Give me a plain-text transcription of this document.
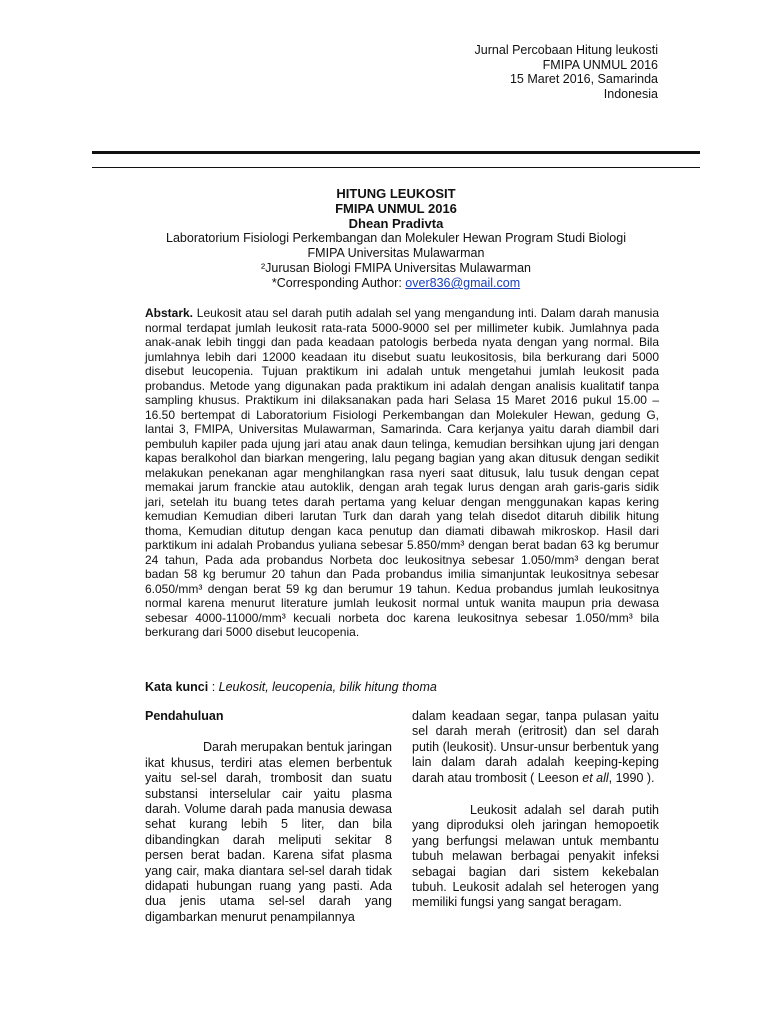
Jurnal Percobaan Hitung leukosti
FMIPA UNMUL 2016
15 Maret 2016, Samarinda
Indonesia
HITUNG LEUKOSIT
FMIPA UNMUL 2016
Dhean Pradivta
Laboratorium Fisiologi Perkembangan dan Molekuler Hewan Program Studi Biologi
FMIPA Universitas Mulawarman
²Jurusan Biologi FMIPA Universitas Mulawarman
*Corresponding Author: over836@gmail.com
Abstark. Leukosit atau sel darah putih adalah sel yang mengandung inti. Dalam darah manusia normal terdapat jumlah leukosit rata-rata 5000-9000 sel per millimeter kubik. Jumlahnya pada anak-anak lebih tinggi dan pada keadaan patologis berbeda nyata dengan yang normal. Bila jumlahnya lebih dari 12000 keadaan itu disebut suatu leukositosis, bila berkurang dari 5000 disebut leucopenia. Tujuan praktikum ini adalah untuk mengetahui jumlah leukosit pada probandus. Metode yang digunakan pada praktikum ini adalah dengan analisis kualitatif tanpa sampling khusus. Praktikum ini dilaksanakan pada hari Selasa 15 Maret 2016 pukul 15.00 – 16.50 bertempat di Laboratorium Fisiologi Perkembangan dan Molekuler Hewan, gedung G, lantai 3, FMIPA, Universitas Mulawarman, Samarinda. Cara kerjanya yaitu darah diambil dari pembuluh kapiler pada ujung jari atau anak daun telinga, kemudian bersihkan ujung jari dengan kapas beralkohol dan biarkan mengering, lalu pegang bagian yang akan ditusuk dengan sedikit melakukan penekanan agar menghilangkan rasa nyeri saat ditusuk, lalu tusuk dengan cepat memakai jarum franckie atau autoklik, dengan arah tegak lurus dengan arah garis-garis sidik jari, setelah itu buang tetes darah pertama yang keluar dengan menggunakan kapas kering kemudian Kemudian diberi larutan Turk dan darah yang telah disedot ditaruh dibilik hitung thoma, Kemudian ditutup dengan kaca penutup dan diamati dibawah mikroskop. Hasil dari parktikum ini adalah Probandus yuliana sebesar 5.850/mm³ dengan berat badan 63 kg berumur 24 tahun, Pada ada probandus Norbeta doc leukositnya sebesar 1.050/mm³ dengan berat badan 58 kg berumur 20 tahun dan Pada probandus imilia simanjuntak leukositnya sebesar 6.050/mm³ dengan berat 59 kg dan berumur 19 tahun. Kedua probandus jumlah leukositnya normal karena menurut literature jumlah leukosit normal untuk wanita maupun pria dewasa sebesar 4000-11000/mm³ kecuali norbeta doc karena leukositnya sebesar 1.050/mm³ bila berkurang dari 5000 disebut leucopenia.
Kata kunci : Leukosit, leucopenia, bilik hitung thoma
Pendahuluan

Darah merupakan bentuk jaringan ikat khusus, terdiri atas elemen berbentuk yaitu sel-sel darah, trombosit dan suatu substansi interselular cair yaitu plasma darah. Volume darah pada manusia dewasa sehat kurang lebih 5 liter, dan bila dibandingkan darah meliputi sekitar 8 persen berat badan. Karena sifat plasma yang cair, maka diantara sel-sel darah tidak didapati hubungan ruang yang pasti. Ada dua jenis utama sel-sel darah yang digambarkan menurut penampilannya

dalam keadaan segar, tanpa pulasan yaitu sel darah merah (eritrosit) dan sel darah putih (leukosit). Unsur-unsur berbentuk yang lain dalam darah adalah keeping-keping darah atau trombosit ( Leeson et all, 1990 ).

Leukosit adalah sel darah putih yang diproduksi oleh jaringan hemopoetik yang berfungsi melawan untuk membantu tubuh melawan berbagai penyakit infeksi sebagai bagian dari sistem kekebalan tubuh. Leukosit adalah sel heterogen yang memiliki fungsi yang sangat beragam.
